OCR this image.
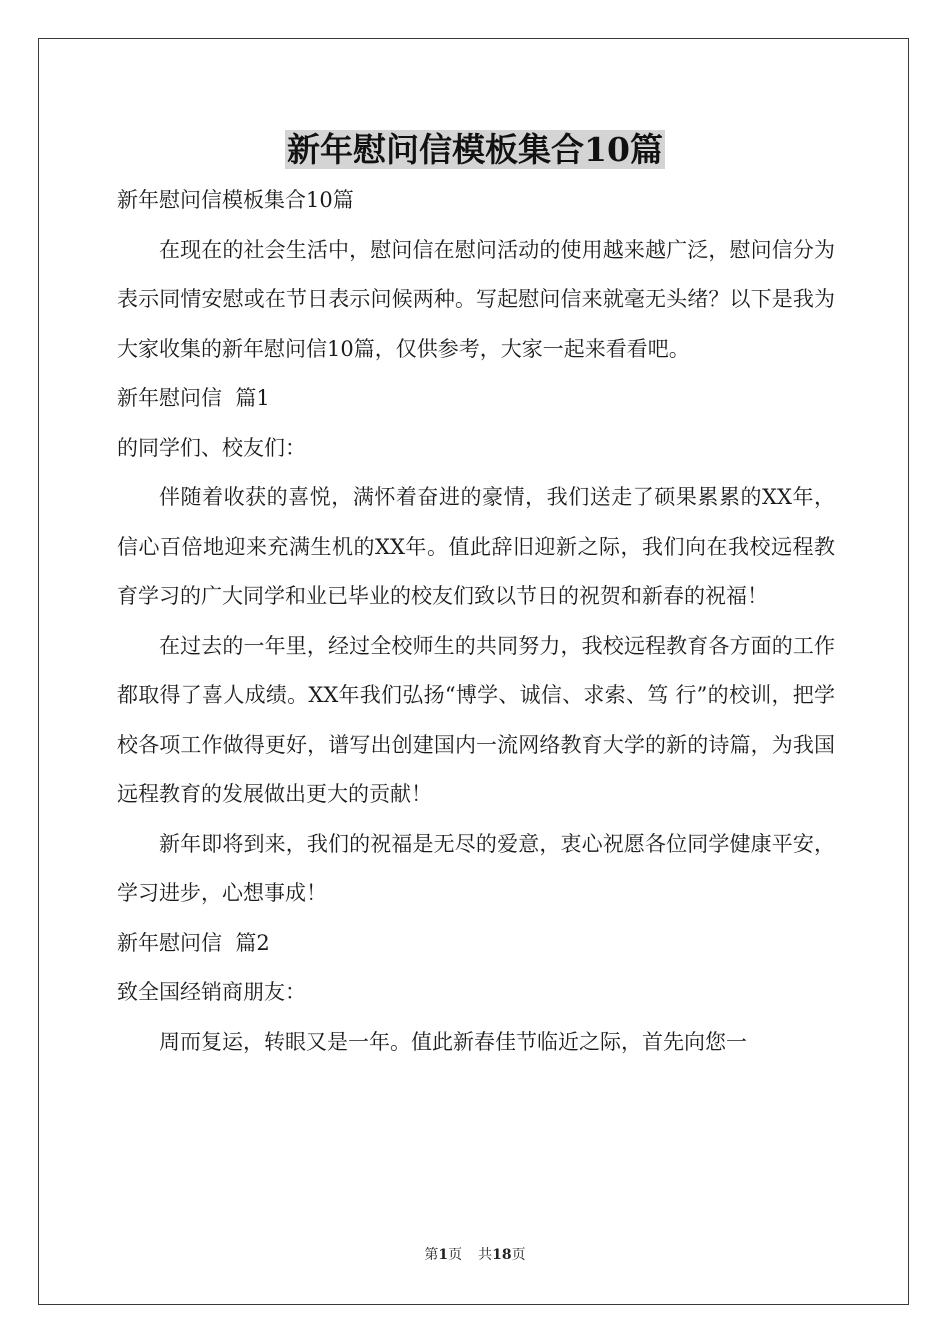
新年慰问信模板集合10篇

新年慰问信模板集合10篇

在现在的社会生活中，慰问信在慰问活动的使用越来越广泛，慰问信分为表示同情安慰或在节日表示问候两种。写起慰问信来就毫无头绪？以下是我为大家收集的新年慰问信10篇，仅供参考，大家一起来看看吧。

新年慰问信  篇1

的同学们、校友们：

伴随着收获的喜悦，满怀着奋进的豪情，我们送走了硕果累累的XX年，信心百倍地迎来充满生机的XX年。值此辞旧迎新之际，我们向在我校远程教育学习的广大同学和业已毕业的校友们致以节日的祝贺和新春的祝福！

在过去的一年里，经过全校师生的共同努力，我校远程教育各方面的工作都取得了喜人成绩。XX年我们弘扬“博学、诚信、求索、笃 行”的校训，把学校各项工作做得更好，谱写出创建国内一流网络教育大学的新的诗篇，为我国远程教育的发展做出更大的贡献！

新年即将到来，我们的祝福是无尽的爱意，衷心祝愿各位同学健康平安，学习进步，心想事成！

新年慰问信  篇2

致全国经销商朋友：

周而复运，转眼又是一年。值此新春佳节临近之际，首先向您一

第1页 共18页
